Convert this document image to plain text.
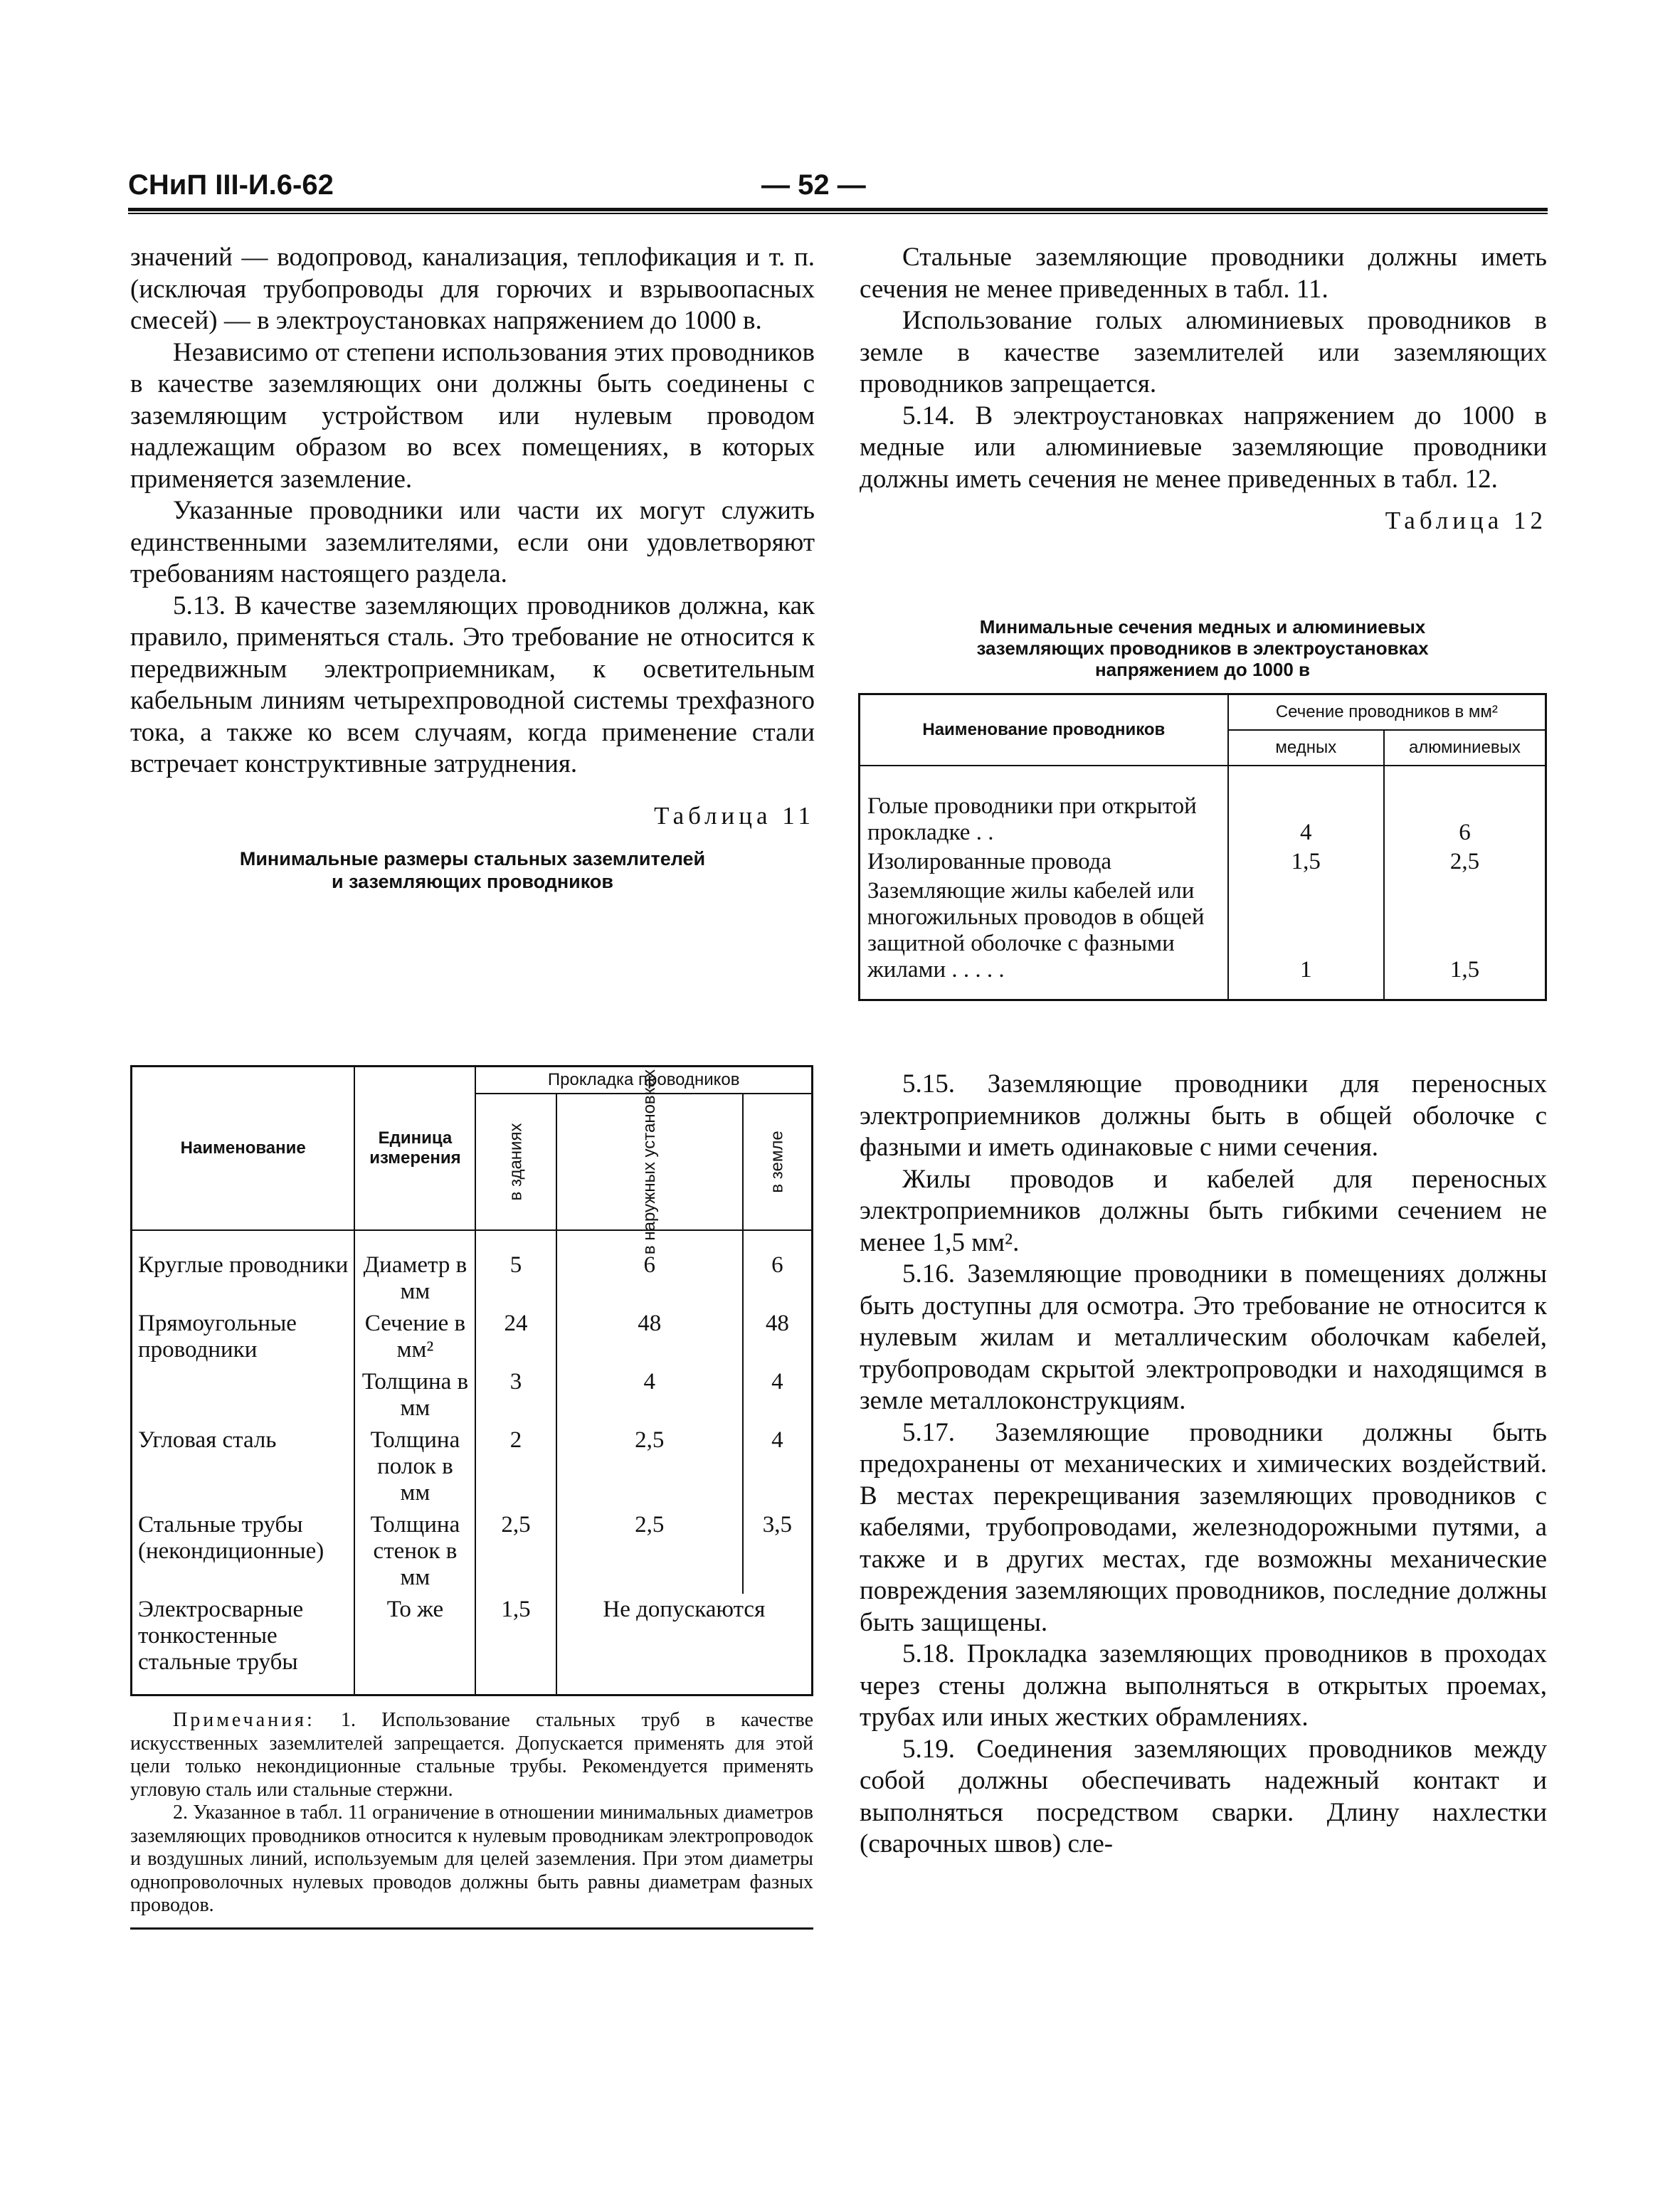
СНиП III-И.6-62	— 52 —

значений — водопровод, канализация, теплофикация и т. п. (исключая трубопроводы для горючих и взрывоопасных смесей) — в электроустановках напряжением до 1000 в.

Независимо от степени использования этих проводников в качестве заземляющих они должны быть соединены с заземляющим устройством или нулевым проводом надлежащим образом во всех помещениях, в которых применяется заземление.

Указанные проводники или части их могут служить единственными заземлителями, если они удовлетворяют требованиям настоящего раздела.

5.13. В качестве заземляющих проводников должна, как правило, применяться сталь. Это требование не относится к передвижным электроприемникам, к осветительным кабельным линиям четырехпроводной системы трехфазного тока, а также ко всем случаям, когда применение стали встречает конструктивные затруднения.

Таблица 11
Минимальные размеры стальных заземлителей
и заземляющих проводников
Наименование	Единица измерения	Прокладка проводников		
		в зданиях	в наружных установках	в земле
Круглые проводники	Диаметр в мм	5	6	6
Прямоугольные проводники	Сечение в мм²	24	48	48
	Толщина в мм	3	4	4
Угловая сталь	Толщина полок в мм	2	2,5	4
Стальные трубы (некондиционные)	Толщина стенок в мм	2,5	2,5	3,5
Электросварные тонкостенные стальные трубы	То же	1,5	Не допускаются	

Примечания: 1. Использование стальных труб в качестве искусственных заземлителей запрещается. Допускается применять для этой цели только некондиционные стальные трубы. Рекомендуется применять угловую сталь или стальные стержни.

2. Указанное в табл. 11 ограничение в отношении минимальных диаметров заземляющих проводников относится к нулевым проводникам электропроводок и воздушных линий, используемым для целей заземления. При этом диаметры однопроволочных нулевых проводов должны быть равны диаметрам фазных проводов.

Стальные заземляющие проводники должны иметь сечения не менее приведенных в табл. 11.

Использование голых алюминиевых проводников в земле в качестве заземлителей или заземляющих проводников запрещается.

5.14. В электроустановках напряжением до 1000 в медные или алюминиевые заземляющие проводники должны иметь сечения не менее приведенных в табл. 12.

Таблица 12
Минимальные сечения медных и алюминиевых
заземляющих проводников в электроустановках
напряжением до 1000 в
Наименование проводников	Сечение проводников в мм²	
	медных	алюминиевых
Голые проводники при открытой прокладке . .	4	6
Изолированные провода	1,5	2,5
Заземляющие жилы кабелей или многожильных проводов в общей защитной оболочке с фазными жилами . . . . .	1	1,5

5.15. Заземляющие проводники для переносных электроприемников должны быть в общей оболочке с фазными и иметь одинаковые с ними сечения.

Жилы проводов и кабелей для переносных электроприемников должны быть гибкими сечением не менее 1,5 мм².

5.16. Заземляющие проводники в помещениях должны быть доступны для осмотра. Это требование не относится к нулевым жилам и металлическим оболочкам кабелей, трубопроводам скрытой электропроводки и находящимся в земле металлоконструкциям.

5.17. Заземляющие проводники должны быть предохранены от механических и химических воздействий. В местах перекрещивания заземляющих проводников с кабелями, трубопроводами, железнодорожными путями, а также и в других местах, где возможны механические повреждения заземляющих проводников, последние должны быть защищены.

5.18. Прокладка заземляющих проводников в проходах через стены должна выполняться в открытых проемах, трубах или иных жестких обрамлениях.

5.19. Соединения заземляющих проводников между собой должны обеспечивать надежный контакт и выполняться посредством сварки. Длину нахлестки (сварочных швов) сле-
